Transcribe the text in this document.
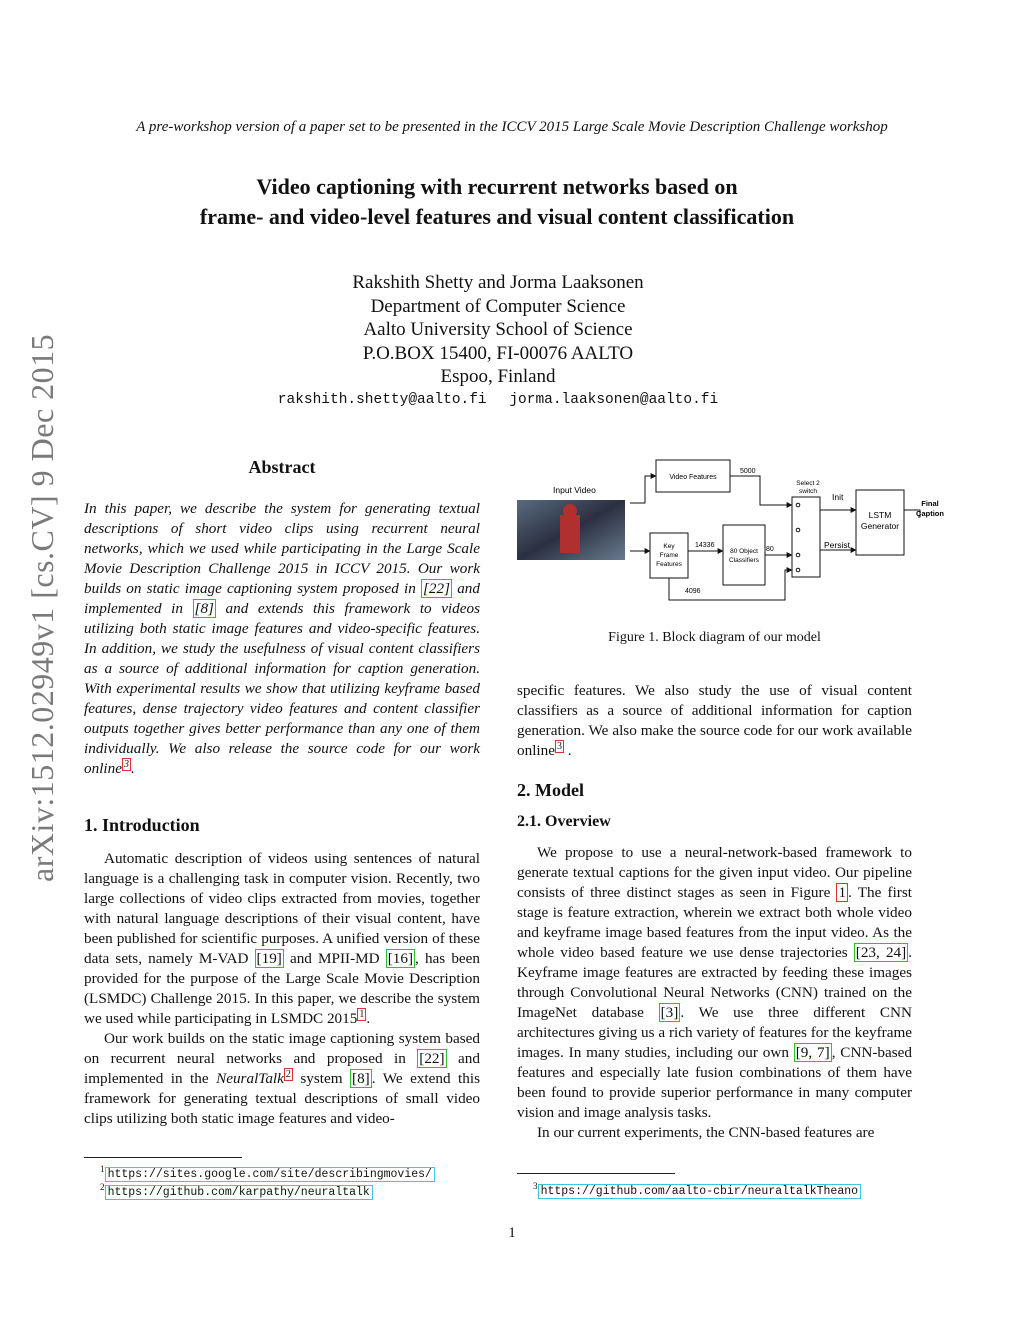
A pre-workshop version of a paper set to be presented in the ICCV 2015 Large Scale Movie Description Challenge workshop
Video captioning with recurrent networks based on
frame- and video-level features and visual content classification
Rakshith Shetty and Jorma Laaksonen
Department of Computer Science
Aalto University School of Science
P.O.BOX 15400, FI-00076 AALTO
Espoo, Finland
rakshith.shetty@aalto.fi jorma.laaksonen@aalto.fi
arXiv:1512.02949v1 [cs.CV] 9 Dec 2015	Abstract
In this paper, we describe the system for generating textual descriptions of short video clips using recurrent neural networks, which we used while participating in the Large Scale Movie Description Challenge 2015 in ICCV 2015. Our work builds on static image captioning system proposed in [22] and implemented in [8] and extends this framework to videos utilizing both static image features and video-specific features. In addition, we study the usefulness of visual content classifiers as a source of additional information for caption generation. With experimental results we show that utilizing keyframe based features, dense trajectory video features and content classifier outputs together gives better performance than any one of them individually. We also release the source code for our work online $^3$ .
1. Introduction

Automatic description of videos using sentences of natural language is a challenging task in computer vision. Recently, two large collections of video clips extracted from movies, together with natural language descriptions of their visual content, have been published for scientific purposes. A unified version of these data sets, namely M-VAD [19] and MPII-MD [16] , has been provided for the purpose of the Large Scale Movie Description (LSMDC) Challenge 2015. In this paper, we describe the system we used while participating in LSMDC 2015 $^1$ .

Our work builds on the static image captioning system based on recurrent neural networks and proposed in [22] and implemented in the NeuralTalk $^2$ system [8] . We extend this framework for generating textual descriptions of small video clips utilizing both static image features and video-

$^1$ https://sites.google.com/site/describingmovies/
$^2$ https://github.com/karpathy/neuraltalk
Input Video
Video Features
5000
Key
Frame
Features
80 Object
Classifiers
14336
80
4096
Select 2
switch
Init
Persist
LSTM
Generator
Final
Caption
Figure 1. Block diagram of our model
specific features. We also study the use of visual content classifiers as a source of additional information for caption generation. We also make the source code for our work available online $^3$ .
2. Model
2.1. Overview

We propose to use a neural-network-based framework to generate textual captions for the given input video. Our pipeline consists of three distinct stages as seen in Figure 1 . The first stage is feature extraction, wherein we extract both whole video and keyframe image based features from the input video. As the whole video based feature we use dense trajectories [23, 24] . Keyframe image features are extracted by feeding these images through Convolutional Neural Networks (CNN) trained on the ImageNet database [3] . We use three different CNN architectures giving us a rich variety of features for the keyframe images. In many studies, including our own [9, 7] , CNN-based features and especially late fusion combinations of them have been found to provide superior performance in many computer vision and image analysis tasks.

In our current experiments, the CNN-based features are

$^3$ https://github.com/aalto-cbir/neuraltalkTheano
1
